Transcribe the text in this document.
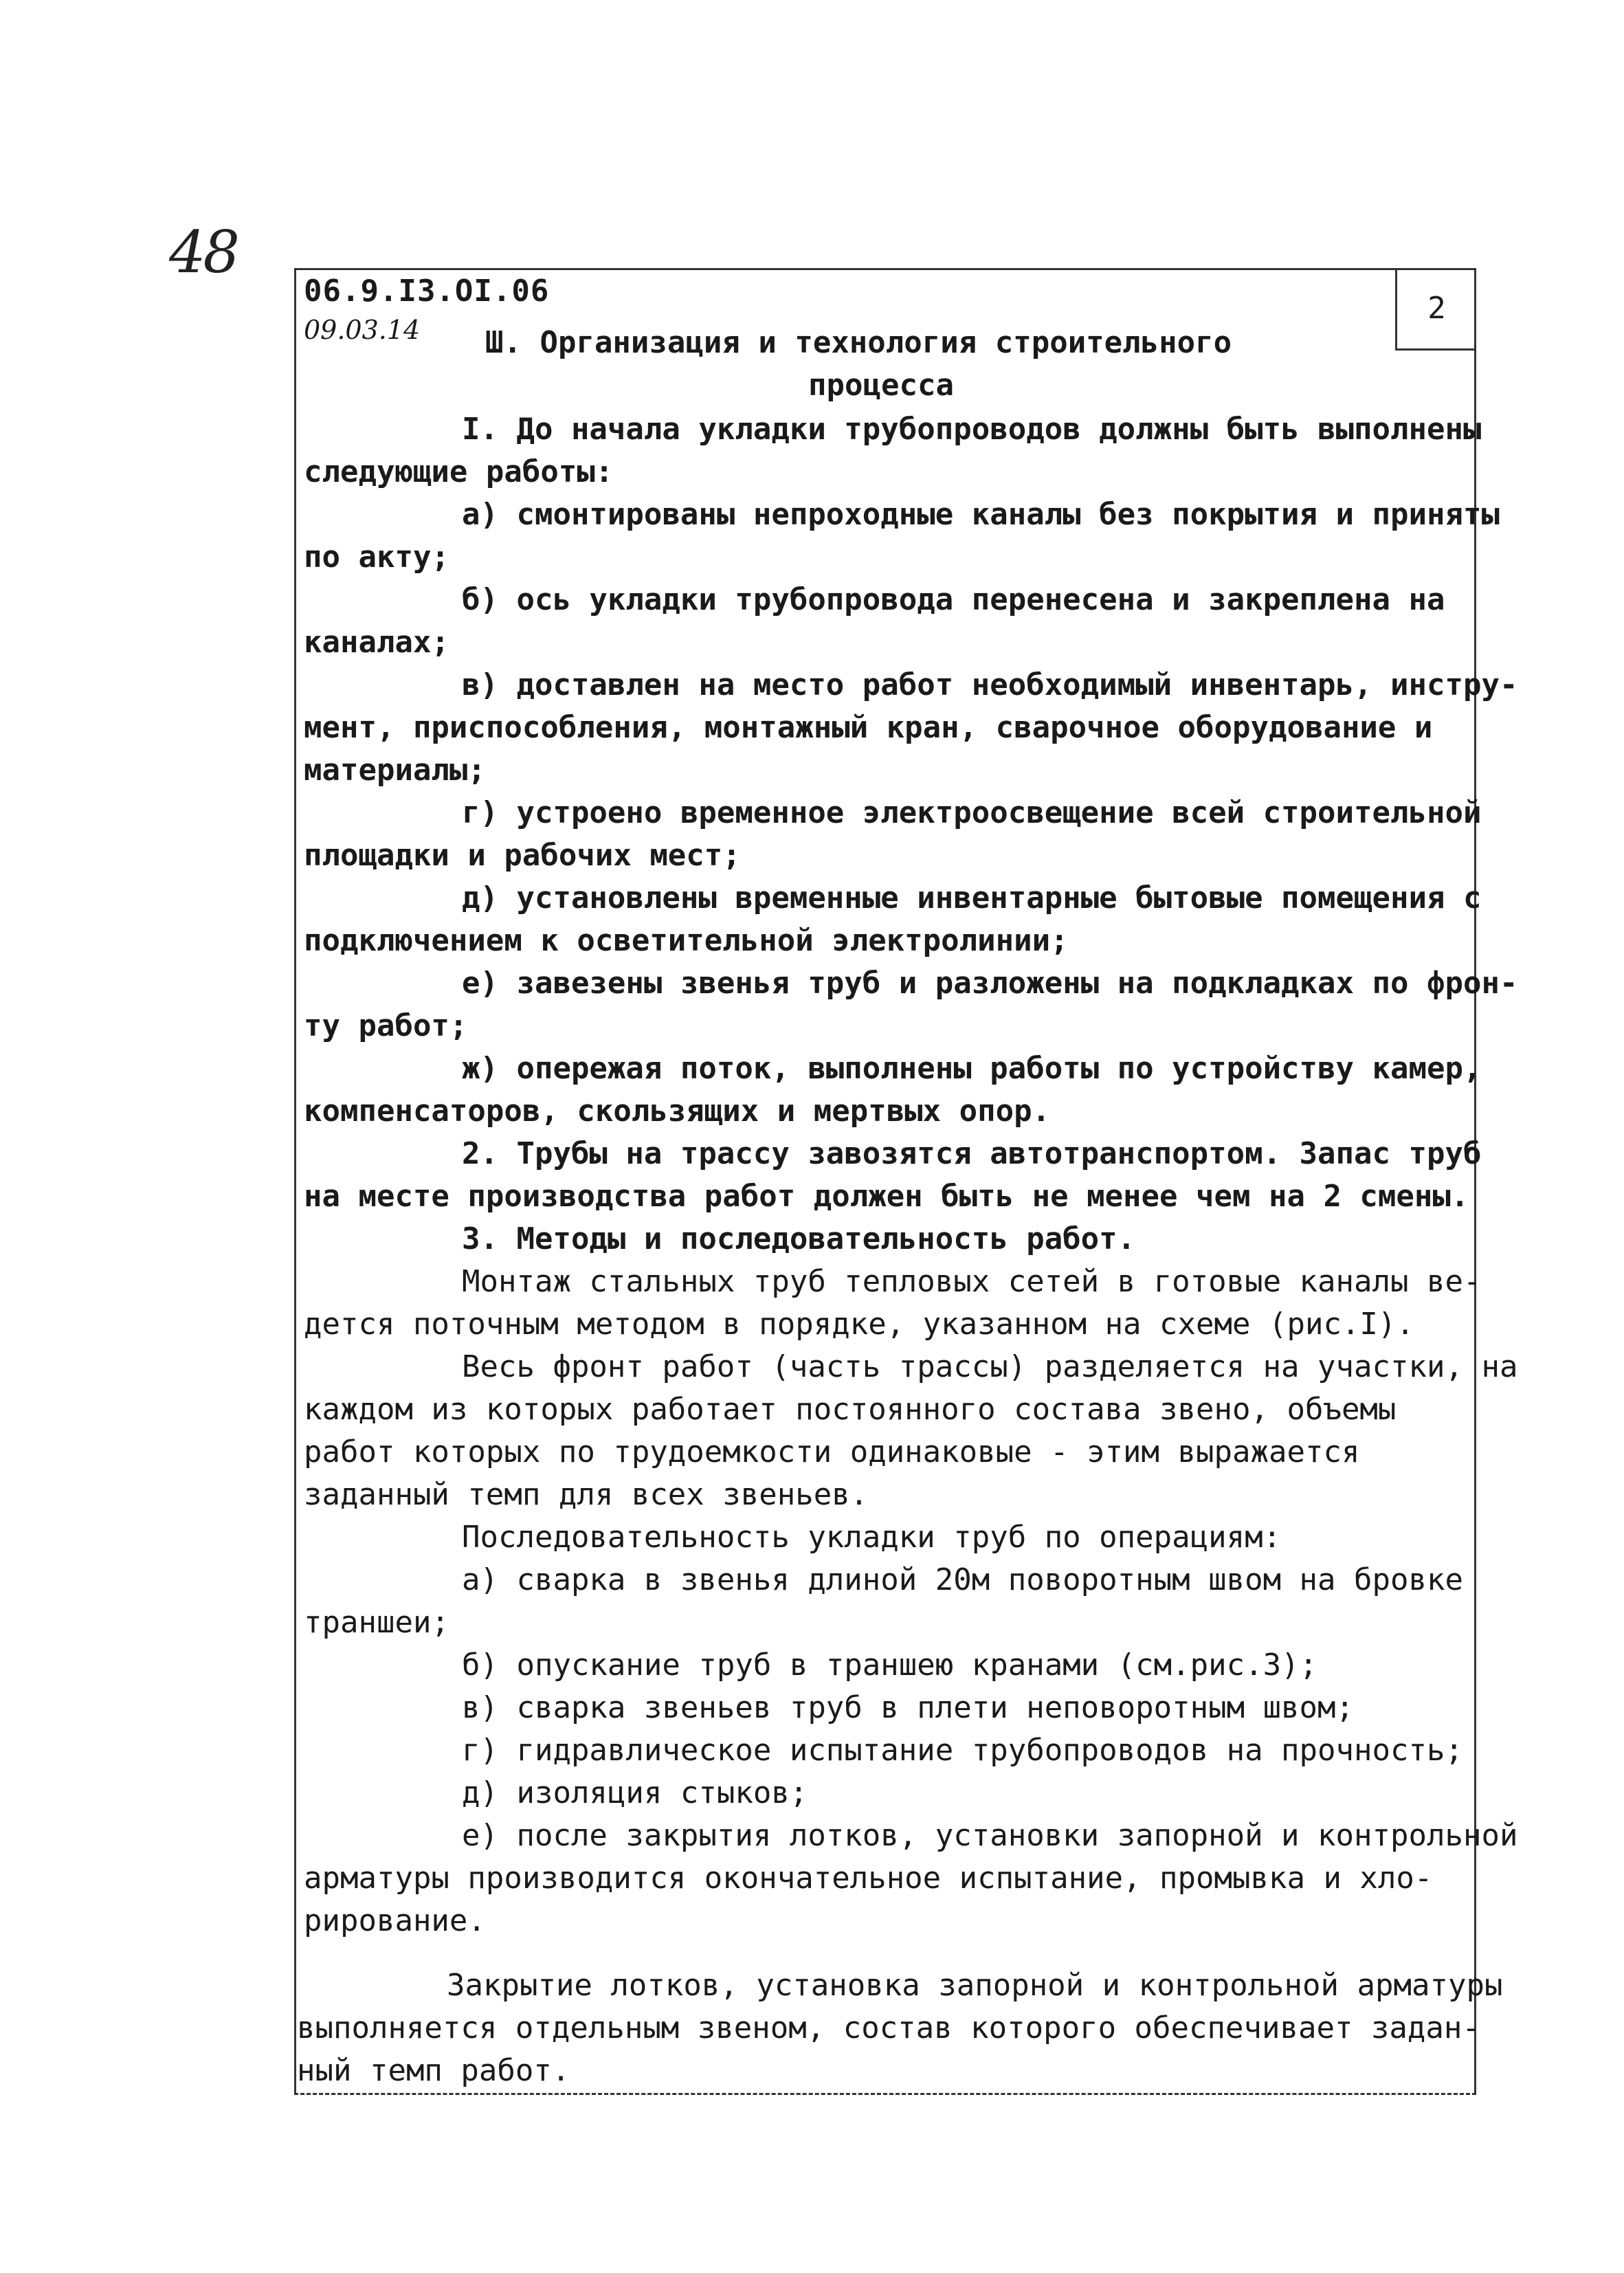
48
2
06.9.I3.OI.06
09.03.14 Ш. Организация и технология строительного
процесса
I. До начала укладки трубопроводов должны быть выполнены
следующие работы:
а) смонтированы непроходные каналы без покрытия и приняты
по акту;
б) ось укладки трубопровода перенесена и закреплена на
каналах;
в) доставлен на место работ необходимый инвентарь, инстру-
мент, приспособления, монтажный кран, сварочное оборудование и
материалы;
г) устроено временное электроосвещение всей строительной
площадки и рабочих мест;
д) установлены временные инвентарные бытовые помещения с
подключением к осветительной электролинии;
е) завезены звенья труб и разложены на подкладках по фрон-
ту работ;
ж) опережая поток, выполнены работы по устройству камер,
компенсаторов, скользящих и мертвых опор.
2. Трубы на трассу завозятся автотранспортом. Запас труб
на месте производства работ должен быть не менее чем на 2 смены.
3. Методы и последовательность работ.
Монтаж стальных труб тепловых сетей в готовые каналы ве-
дется поточным методом в порядке, указанном на схеме (рис.I).
Весь фронт работ (часть трассы) разделяется на участки, на
каждом из которых работает постоянного состава звено, объемы
работ которых по трудоемкости одинаковые - этим выражается
заданный темп для всех звеньев.
Последовательность укладки труб по операциям:
а) сварка в звенья длиной 20м поворотным швом на бровке
траншеи;
б) опускание труб в траншею кранами (см.рис.3);
в) сварка звеньев труб в плети неповоротным швом;
г) гидравлическое испытание трубопроводов на прочность;
д) изоляция стыков;
е) после закрытия лотков, установки запорной и контрольной
арматуры производится окончательное испытание, промывка и хло-
рирование.
Закрытие лотков, установка запорной и контрольной арматуры
выполняется отдельным звеном, состав которого обеспечивает задан-
ный темп работ.
